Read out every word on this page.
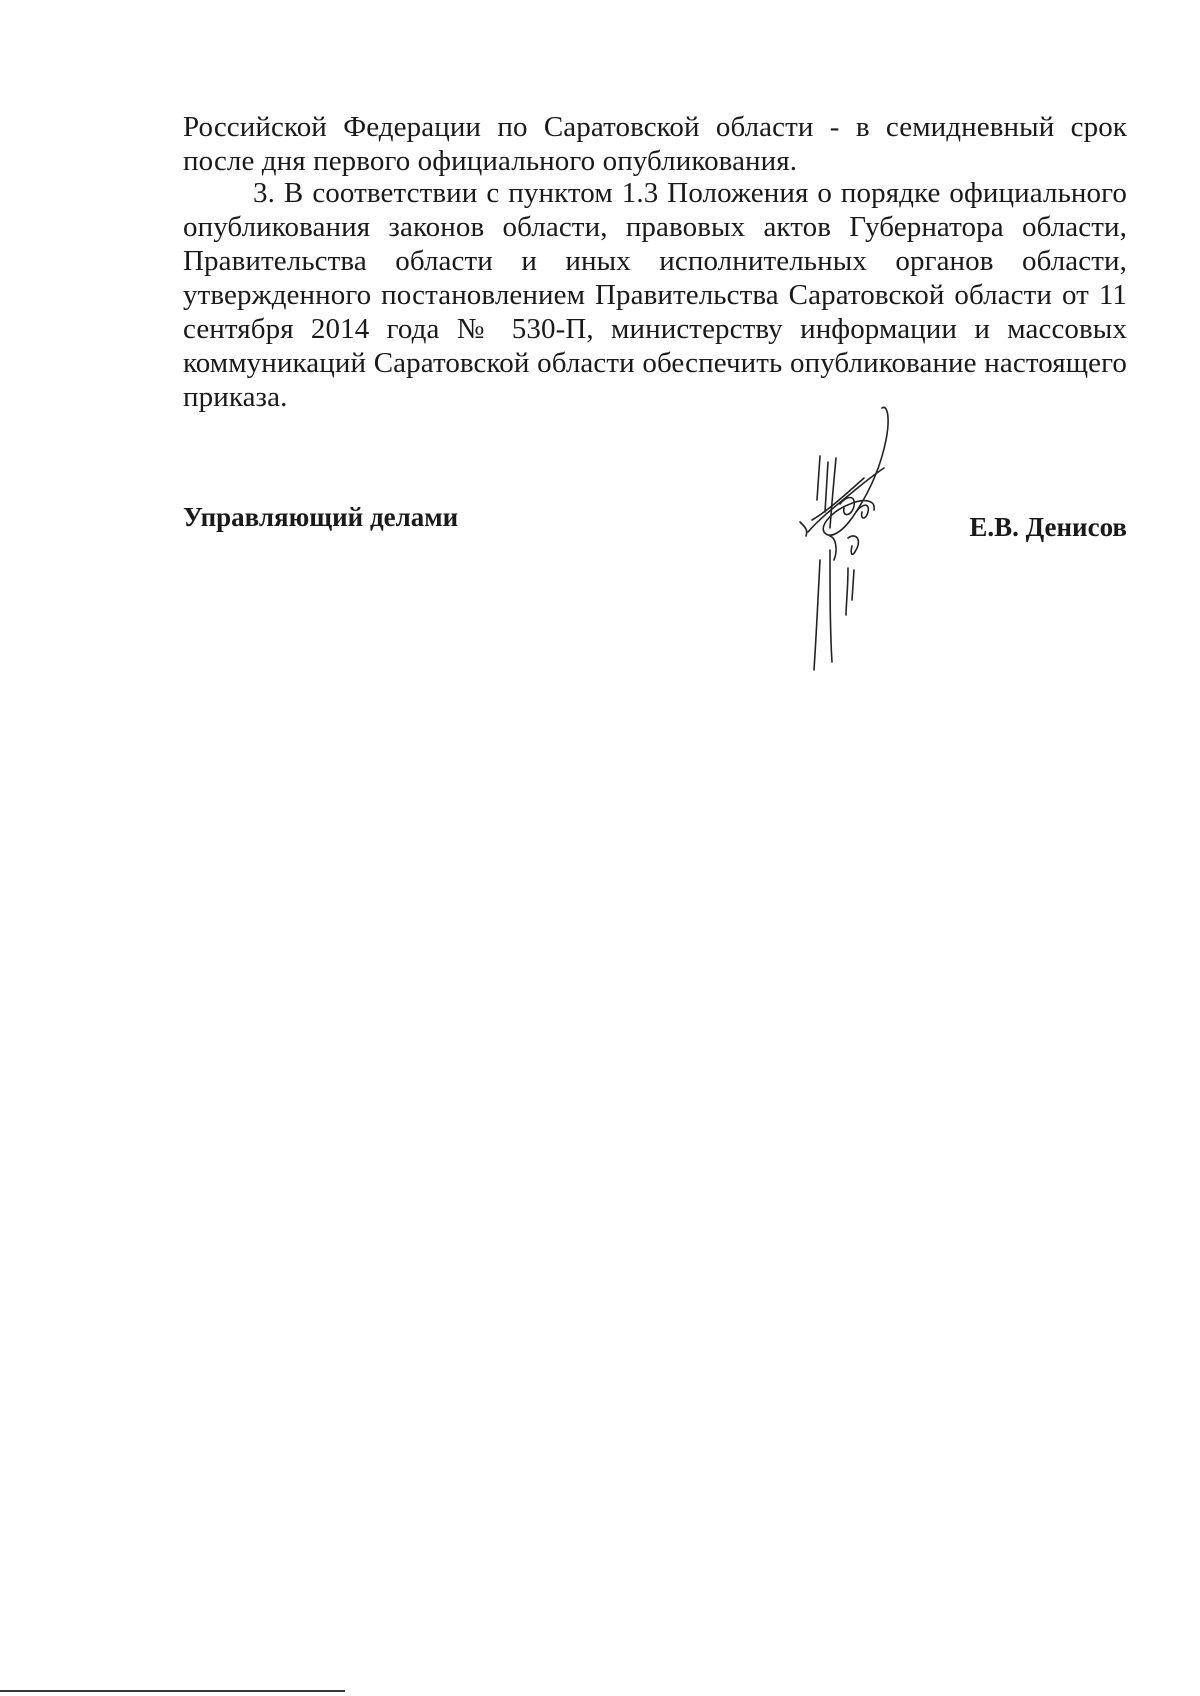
Российской Федерации по Саратовской области - в семидневный срок после дня первого официального опубликования.

3. В соответствии с пунктом 1.3 Положения о порядке официального опубликования законов области, правовых актов Губернатора области, Правительства области и иных исполнительных органов области, утвержденного постановлением Правительства Саратовской области от 11 сентября 2014 года № 530-П, министерству информации и массовых коммуникаций Саратовской области обеспечить опубликование настоящего приказа.

Управляющий делами	Е.В. Денисов
